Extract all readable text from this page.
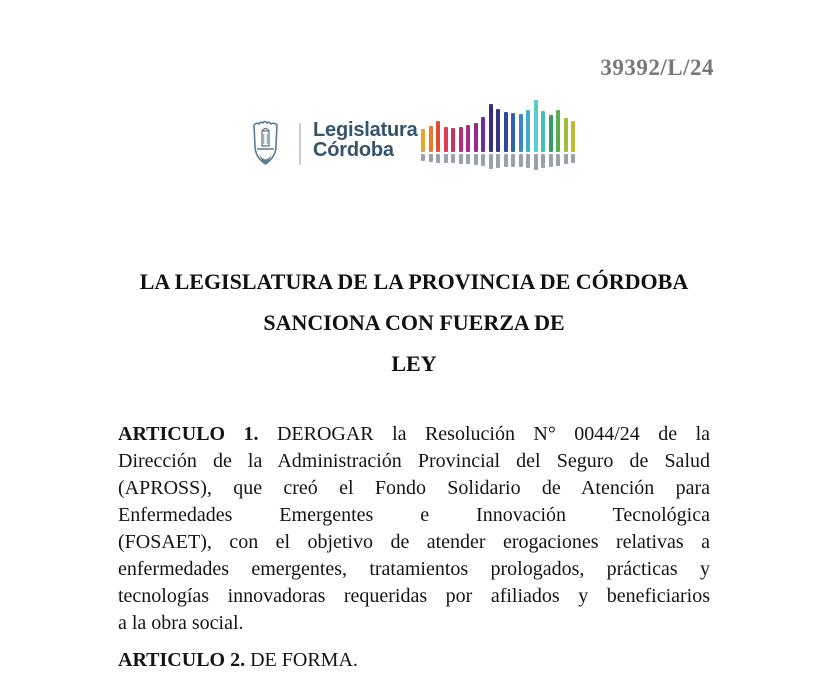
39392/L/24
Legislatura
Córdoba
LA LEGISLATURA DE LA PROVINCIA DE CÓRDOBA
SANCIONA CON FUERZA DE
LEY
ARTICULO 1. DEROGAR la Resolución N° 0044/24 de la
Dirección de la Administración Provincial del Seguro de Salud
(APROSS), que creó el Fondo Solidario de Atención para
Enfermedades Emergentes e Innovación Tecnológica
(FOSAET), con el objetivo de atender erogaciones relativas a
enfermedades emergentes, tratamientos prologados, prácticas y
tecnologías innovadoras requeridas por afiliados y beneficiarios
a la obra social.
ARTICULO 2. DE FORMA.
